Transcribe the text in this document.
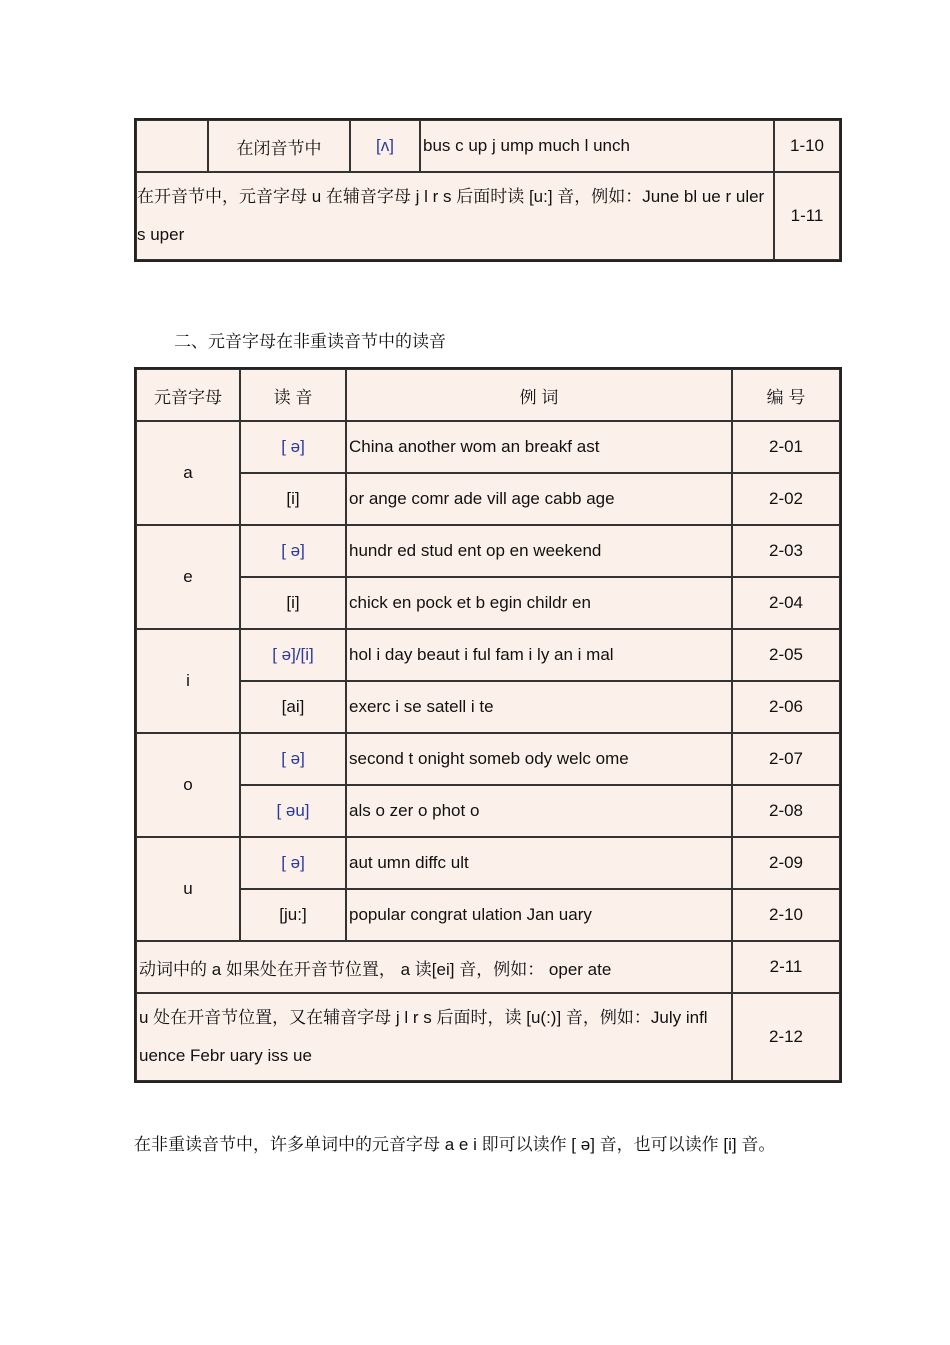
	在闭音节中	[ʌ]	bus c up j ump much l unch	1-10
在开音节中，元音字母 u 在辅音字母 j l r s 后面时读 [u:] 音，例如：June bl ue r uler s uper				1-11
二、元音字母在非重读音节中的读音
元音字母	读 音	例 词	编 号
a	[ ə]	China another wom an breakf ast	2-01
	[i]	or ange comr ade vill age cabb age	2-02
e	[ ə]	hundr ed stud ent op en weekend	2-03
	[i]	chick en pock et b egin childr en	2-04
i	[ ə]/[i]	hol i day beaut i ful fam i ly an i mal	2-05
	[ai]	exerc i se satell i te	2-06
o	[ ə]	second t onight someb ody welc ome	2-07
	[ əu]	als o zer o phot o	2-08
u	[ ə]	aut umn diffc ult	2-09
	[ju:]	popular congrat ulation Jan uary	2-10
动词中的 a 如果处在开音节位置， a 读[ei] 音，例如： oper ate			2-11
u 处在开音节位置，又在辅音字母 j l r s 后面时，读 [u(:)] 音，例如：July infl uence Febr uary iss ue			2-12
在非重读音节中，许多单词中的元音字母 a e i 即可以读作 [ ə] 音，也可以读作 [i] 音。
